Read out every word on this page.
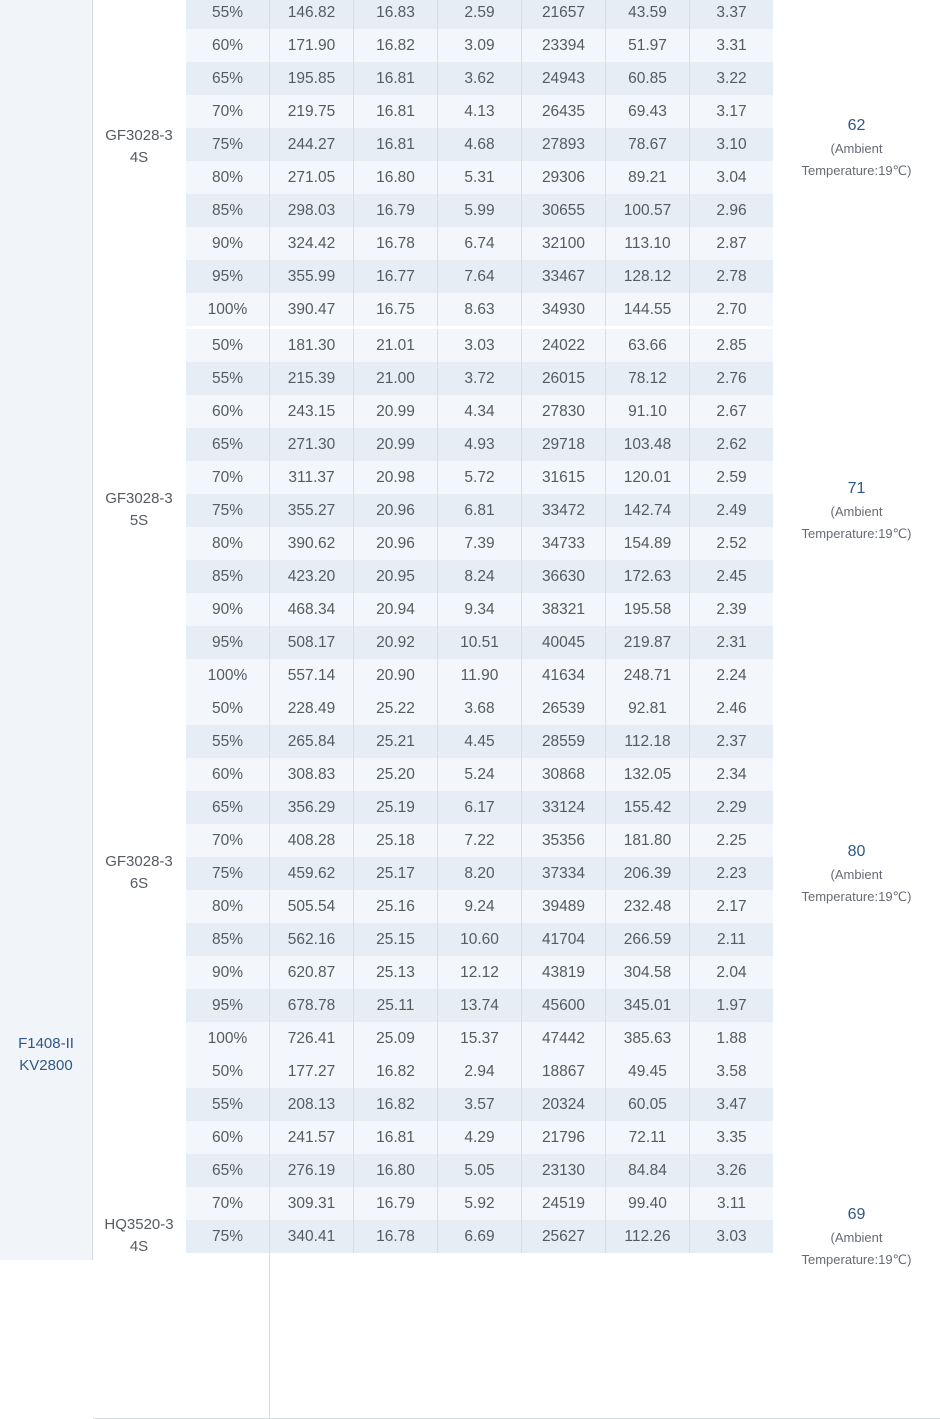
F1408-II
KV2800
GF3028-3
4S
55%	146.82	16.83	2.59	21657	43.59	3.37
60%	171.90	16.82	3.09	23394	51.97	3.31
65%	195.85	16.81	3.62	24943	60.85	3.22
70%	219.75	16.81	4.13	26435	69.43	3.17
75%	244.27	16.81	4.68	27893	78.67	3.10
80%	271.05	16.80	5.31	29306	89.21	3.04
85%	298.03	16.79	5.99	30655	100.57	2.96
90%	324.42	16.78	6.74	32100	113.10	2.87
95%	355.99	16.77	7.64	33467	128.12	2.78
100%	390.47	16.75	8.63	34930	144.55	2.70
62
(Ambient
Temperature:19℃)
GF3028-3
5S
50%	181.30	21.01	3.03	24022	63.66	2.85
55%	215.39	21.00	3.72	26015	78.12	2.76
60%	243.15	20.99	4.34	27830	91.10	2.67
65%	271.30	20.99	4.93	29718	103.48	2.62
70%	311.37	20.98	5.72	31615	120.01	2.59
75%	355.27	20.96	6.81	33472	142.74	2.49
80%	390.62	20.96	7.39	34733	154.89	2.52
85%	423.20	20.95	8.24	36630	172.63	2.45
90%	468.34	20.94	9.34	38321	195.58	2.39
95%	508.17	20.92	10.51	40045	219.87	2.31
100%	557.14	20.90	11.90	41634	248.71	2.24
71
(Ambient
Temperature:19℃)
GF3028-3
6S
50%	228.49	25.22	3.68	26539	92.81	2.46
55%	265.84	25.21	4.45	28559	112.18	2.37
60%	308.83	25.20	5.24	30868	132.05	2.34
65%	356.29	25.19	6.17	33124	155.42	2.29
70%	408.28	25.18	7.22	35356	181.80	2.25
75%	459.62	25.17	8.20	37334	206.39	2.23
80%	505.54	25.16	9.24	39489	232.48	2.17
85%	562.16	25.15	10.60	41704	266.59	2.11
90%	620.87	25.13	12.12	43819	304.58	2.04
95%	678.78	25.11	13.74	45600	345.01	1.97
100%	726.41	25.09	15.37	47442	385.63	1.88
80
(Ambient
Temperature:19℃)
HQ3520-3
4S
50%	177.27	16.82	2.94	18867	49.45	3.58
55%	208.13	16.82	3.57	20324	60.05	3.47
60%	241.57	16.81	4.29	21796	72.11	3.35
65%	276.19	16.80	5.05	23130	84.84	3.26
70%	309.31	16.79	5.92	24519	99.40	3.11
75%	340.41	16.78	6.69	25627	112.26	3.03
69
(Ambient
Temperature:19℃)
